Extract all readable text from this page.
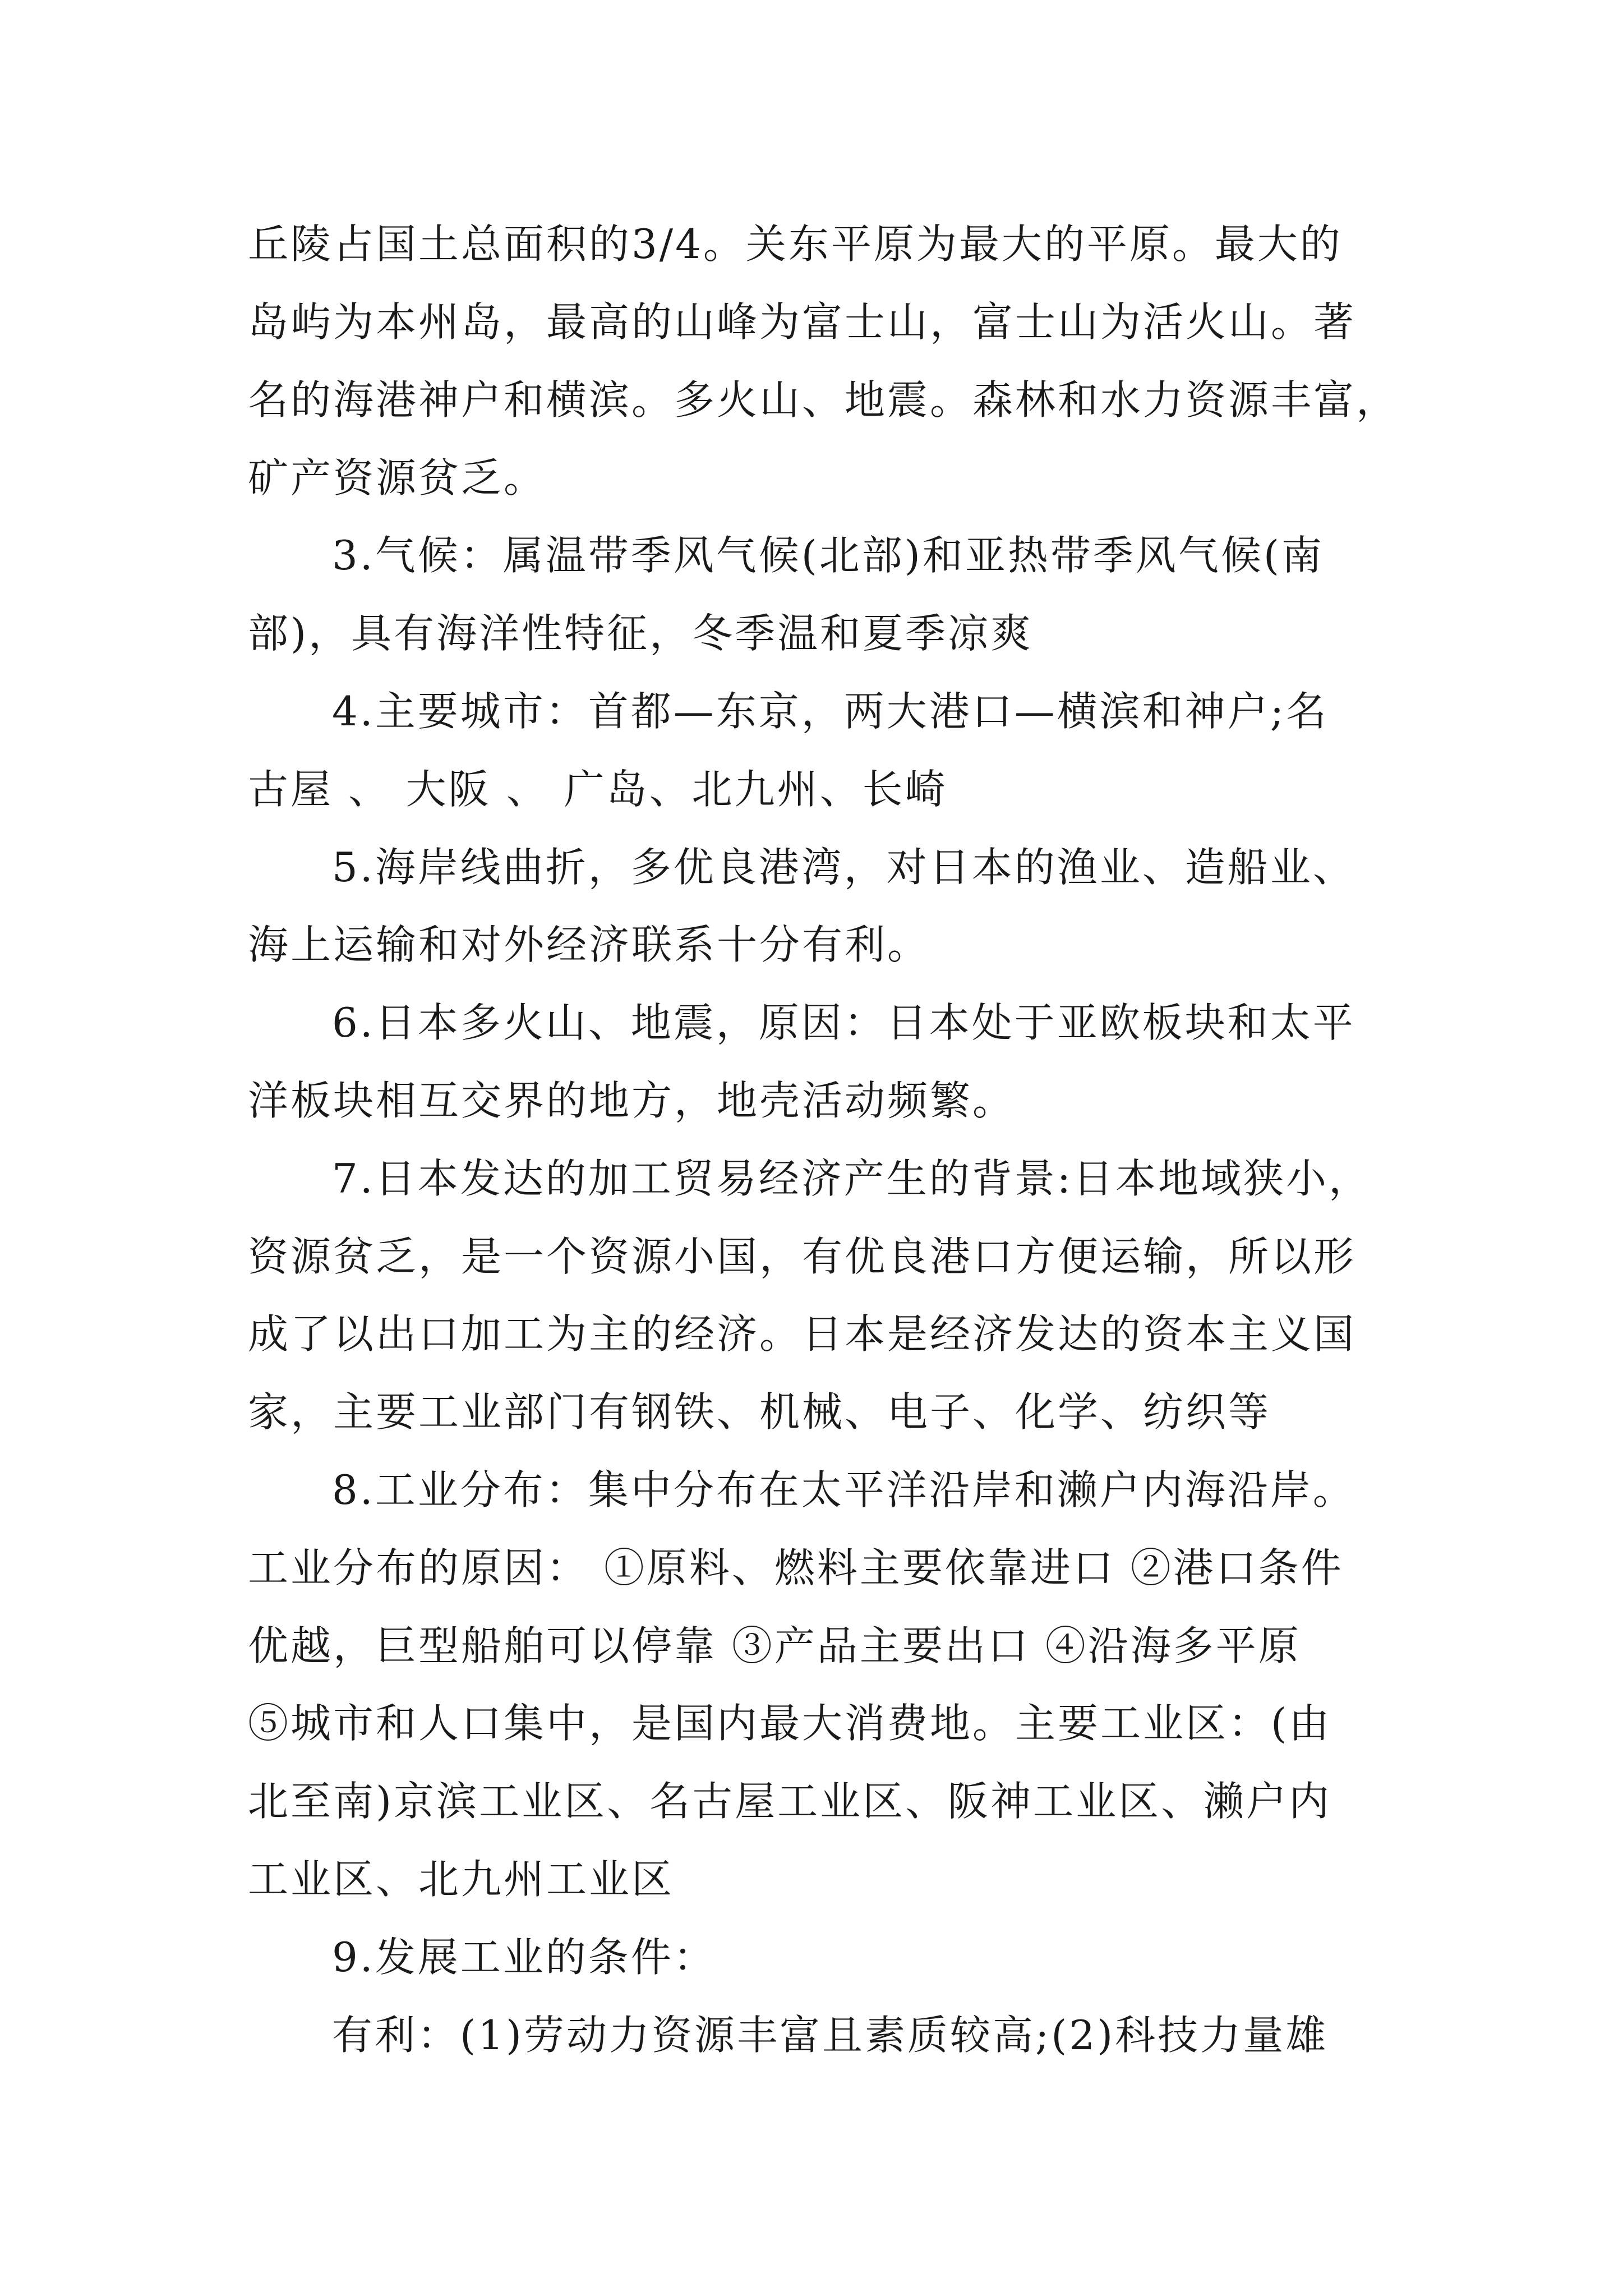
丘陵占国土总面积的3/4。关东平原为最大的平原。最大的
岛屿为本州岛，最高的山峰为富士山，富士山为活火山。著
名的海港神户和横滨。多火山、地震。森林和水力资源丰富，
矿产资源贫乏。
3.气候：属温带季风气候(北部)和亚热带季风气候(南
部)，具有海洋性特征，冬季温和夏季凉爽
4.主要城市：首都—东京，两大港口—横滨和神户;名
古屋 、 大阪 、 广岛、北九州、长崎
5.海岸线曲折，多优良港湾，对日本的渔业、造船业、
海上运输和对外经济联系十分有利。
6.日本多火山、地震，原因：日本处于亚欧板块和太平
洋板块相互交界的地方，地壳活动频繁。
7.日本发达的加工贸易经济产生的背景:日本地域狭小，
资源贫乏，是一个资源小国，有优良港口方便运输，所以形
成了以出口加工为主的经济。日本是经济发达的资本主义国
家，主要工业部门有钢铁、机械、电子、化学、纺织等
8.工业分布：集中分布在太平洋沿岸和濑户内海沿岸。
工业分布的原因： ①原料、燃料主要依靠进口 ②港口条件
优越，巨型船舶可以停靠 ③产品主要出口 ④沿海多平原
⑤城市和人口集中，是国内最大消费地。主要工业区：(由
北至南)京滨工业区、名古屋工业区、阪神工业区、濑户内
工业区、北九州工业区
9.发展工业的条件：
有利：(1)劳动力资源丰富且素质较高;(2)科技力量雄
